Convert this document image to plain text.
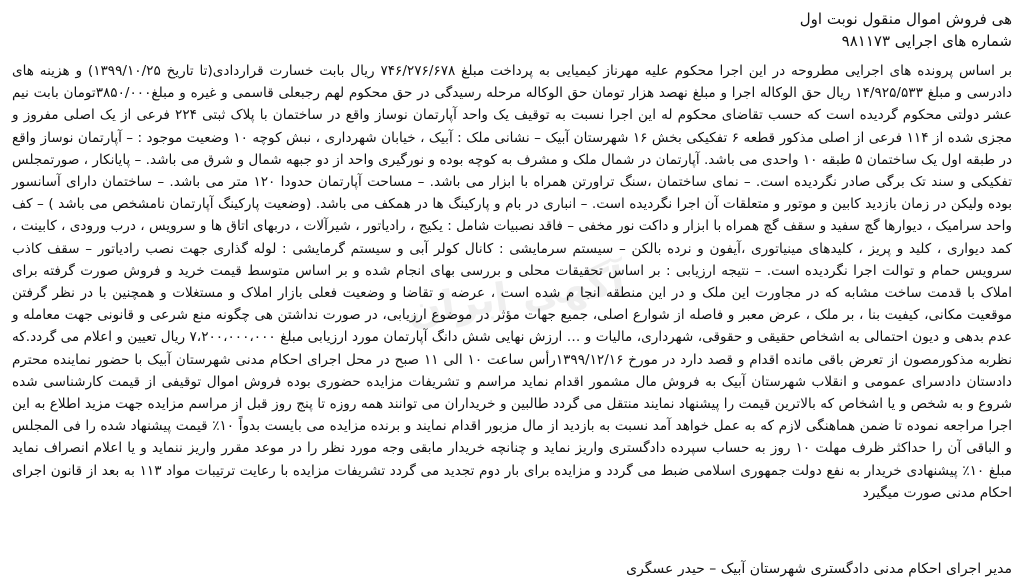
هی فروش اموال منقول نوبت اول

شماره های اجرایی ۹۸۱۱۷۳

بر اساس پرونده های اجرایی مطروحه در این اجرا محکوم علیه مهرناز کیمیایی به پرداخت مبلغ ۷۴۶/۲۷۶/۶۷۸ ریال بابت خسارت قراردادی(تا تاریخ ۱۳۹۹/۱۰/۲۵) و هزینه های دادرسی و مبلغ ۱۴/۹۲۵/۵۳۳ ریال حق الوکاله اجرا و مبلغ نهصد هزار تومان حق الوکاله مرحله رسیدگی در حق محکوم لهم رجبعلی قاسمی و غیره و مبلغ۳۸۵۰/۰۰۰تومان بابت نیم عشر دولتی محکوم گردیده است که حسب تقاضای محکوم له این اجرا نسبت به توقیف یک واحد آپارتمان نوساز واقع در ساختمان با پلاک ثبتی ۲۲۴ فرعی از یک اصلی مفروز و مجزی شده از ۱۱۴ فرعی از اصلی مذکور قطعه ۶ تفکیکی بخش ۱۶ شهرستان آبیک – نشانی ملک : آبیک ، خیابان شهرداری ، نبش کوچه ۱۰ وضعیت موجود : – آپارتمان نوساز واقع در طبقه اول یک ساختمان ۵ طبقه ۱۰ واحدی می باشد. آپارتمان در شمال ملک و مشرف به کوچه بوده و نورگیری واحد از دو جبهه شمال و شرق می باشد. – پایانکار ، صورتمجلس تفکیکی و سند تک برگی صادر نگردیده است. – نمای ساختمان ،سنگ تراورتن همراه با ابزار می باشد. – مساحت آپارتمان حدودا ۱۲۰ متر می باشد. – ساختمان دارای آسانسور بوده ولیکن در زمان بازدید کابین و موتور و متعلقات آن اجرا نگردیده است. – انباری در بام و پارکینگ ها در همکف می باشد. (وضعیت پارکینگ آپارتمان نامشخص می باشد ) – کف واحد سرامیک ، دیوارها گچ سفید و سقف گچ همراه با ابزار و داکت نور مخفی – فاقد نصبیات شامل : یکیج ، رادیاتور ، شیرآلات ، دربهای اتاق ها و سرویس ، درب ورودی ، کابینت ، کمد دیواری ، کلید و پریز ، کلیدهای مینیاتوری ،آیفون و نرده بالکن – سیستم سرمایشی : کانال کولر آبی و سیستم گرمایشی : لوله گذاری جهت نصب رادیاتور – سقف کاذب سرویس حمام و توالت اجرا نگردیده است. – نتیجه ارزیابی : بر اساس تحقیقات محلی و بررسی بهای انجام شده و بر اساس متوسط قیمت خرید و فروش صورت گرفته برای املاک با قدمت ساخت مشابه که در مجاورت این ملک و در این منطقه انجا م شده است ، عرضه و تقاضا و وضعیت فعلی بازار املاک و مستغلات و همچنین با در نظر گرفتن موقعیت مکانی، کیفیت بنا ، بر ملک ، عرض معبر و فاصله از شوارع اصلی، جمیع جهات مؤثر در موضوع ارزیابی، در صورت نداشتن هی چگونه منع شرعی و قانونی جهت معامله و عدم بدهی و دیون احتمالی به اشخاص حقیقی و حقوقی، شهرداری، مالیات و … ارزش نهایی شش دانگ آپارتمان مورد ارزیابی مبلغ ۷،۲۰۰،۰۰۰،۰۰۰ ریال تعیین و اعلام می گردد.که نظربه مذکورمصون از تعرض باقی مانده اقدام و قصد دارد در مورخ ۱۳۹۹/۱۲/۱۶رأس ساعت ۱۰ الی ۱۱ صبح در محل اجرای احکام مدنی شهرستان آبیک با حضور نماینده محترم دادستان دادسرای عمومی و انقلاب شهرستان آبیک به فروش مال مشمور اقدام نماید مراسم و تشریفات مزایده حضوری بوده فروش اموال توقیفی از قیمت کارشناسی شده شروع و به شخص و یا اشخاص که بالاترین قیمت را پیشنهاد نمایند منتقل می گردد طالبین و خریداران می توانند همه روزه تا پنج روز قبل از مراسم مزایده جهت مزید اطلاع به این اجرا مراجعه نموده تا ضمن هماهنگی لازم که به عمل خواهد آمد نسبت به بازدید از مال مزبور اقدام نمایند و برنده مزایده می بایست بدواً ۱۰٪ قیمت پیشنهاد شده را فی المجلس و الباقی آن را حداکثر ظرف مهلت ۱۰ روز به حساب سپرده دادگستری واریز نماید و چنانچه خریدار مابقی وجه مورد نظر را در موعد مقرر واریز ننماید و یا اعلام انصراف نماید مبلغ ۱۰٪ پیشنهادی خریدار به نفع دولت جمهوری اسلامی ضبط می گردد و مزایده برای بار دوم تجدید می گردد تشریفات مزایده با رعایت ترتیبات مواد ۱۱۳ به بعد از قانون اجرای احکام مدنی صورت میگیرد

مدیر اجرای احکام مدنی دادگستری شهرستان آبیک – حیدر عسگری

آگهی ایران
